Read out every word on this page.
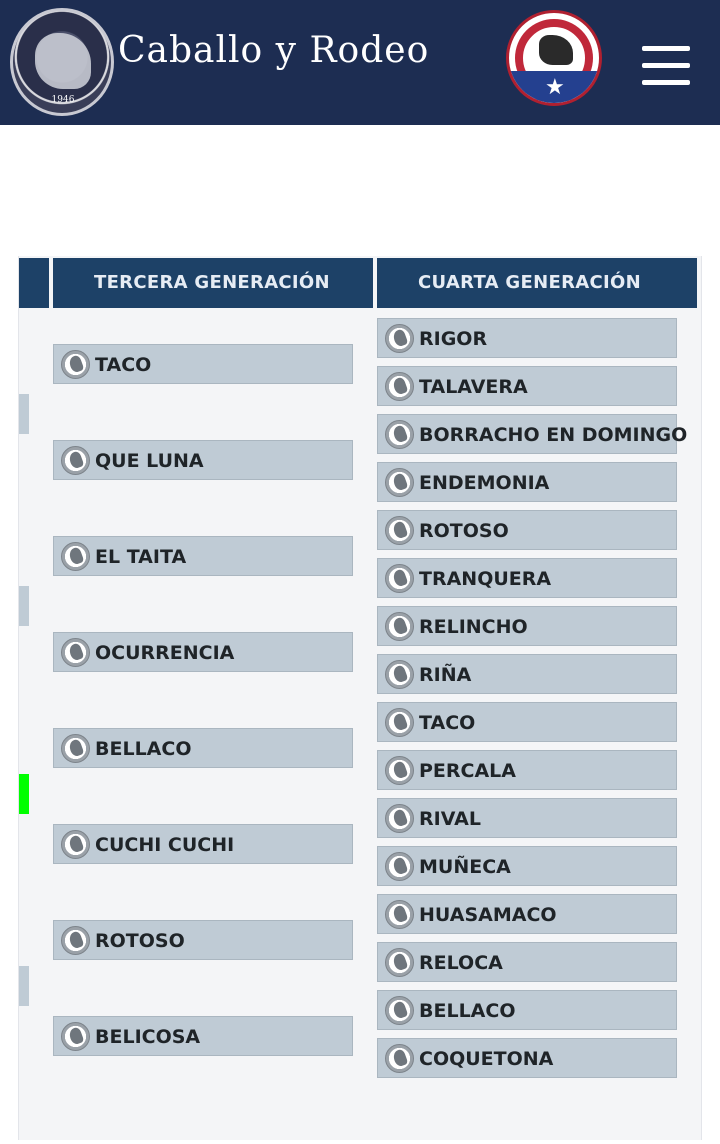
1946
Caballo y Rodeo
★
TERCERA GENERACIÓN	CUARTA GENERACIÓN
TACO
QUE LUNA
EL TAITA
OCURRENCIA
BELLACO
CUCHI CUCHI
ROTOSO
BELICOSA
RIGOR
TALAVERA
BORRACHO EN DOMINGO
ENDEMONIA
ROTOSO
TRANQUERA
RELINCHO
RIÑA
TACO
PERCALA
RIVAL
MUÑECA
HUASAMACO
RELOCA
BELLACO
COQUETONA
